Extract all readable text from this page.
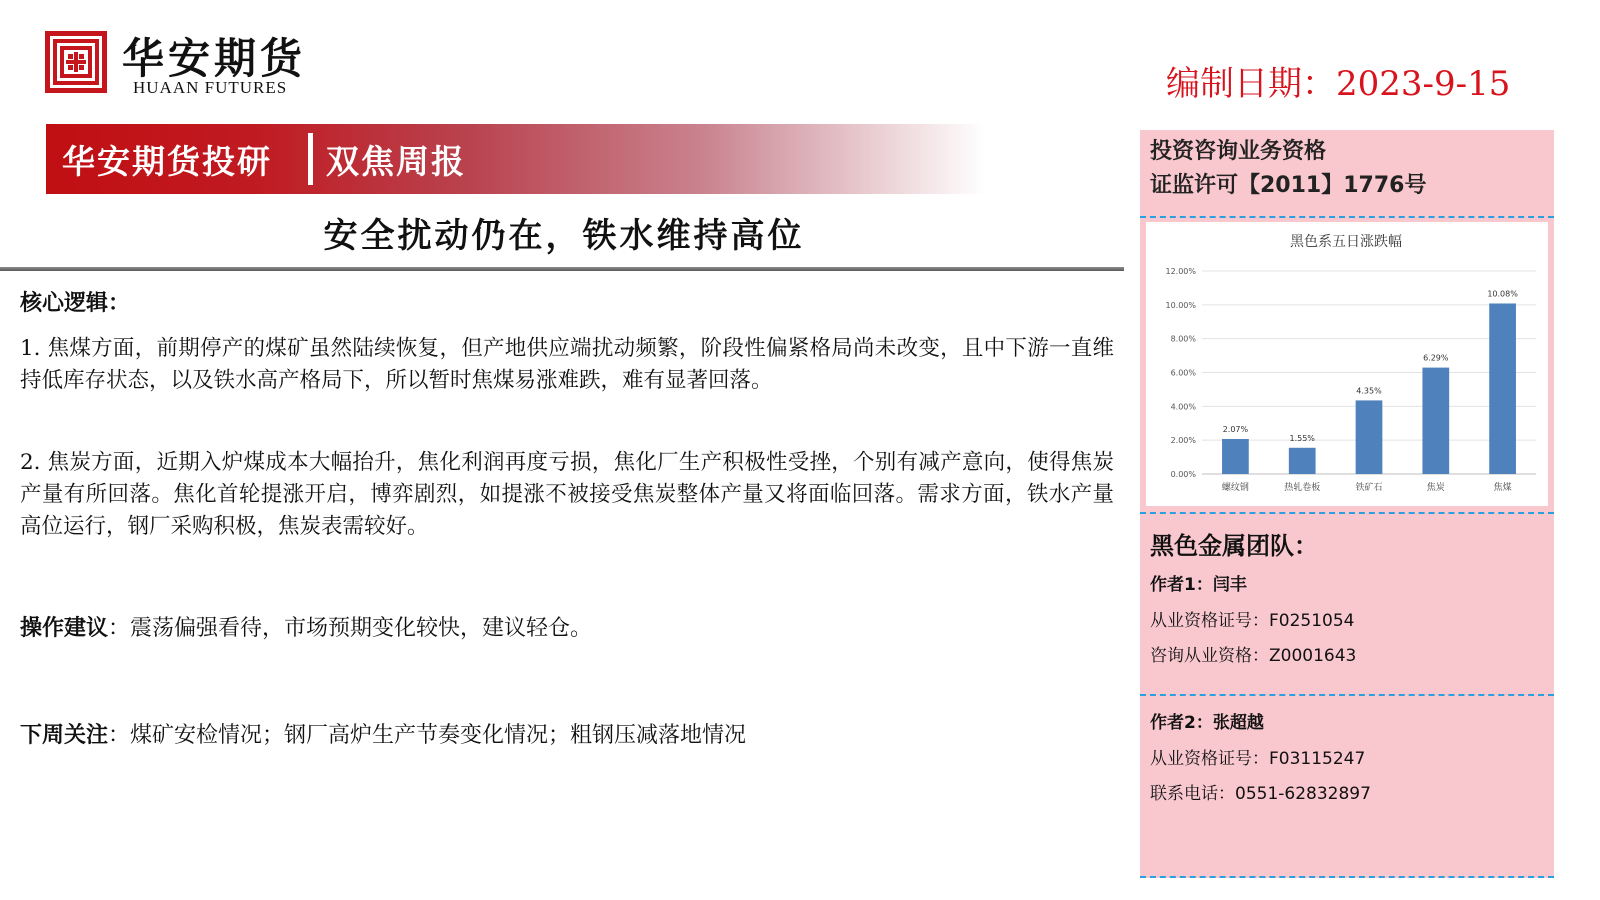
华安期货
HUAAN FUTURES	编制日期：2023-9-15
华安期货投研 双焦周报
安全扰动仍在，铁水维持高位
核心逻辑：
1. 焦煤方面，前期停产的煤矿虽然陆续恢复，但产地供应端扰动频繁，阶段性偏紧格局尚未改变，且中下游一直维持低库存状态，以及铁水高产格局下，所以暂时焦煤易涨难跌，难有显著回落。
2. 焦炭方面，近期入炉煤成本大幅抬升，焦化利润再度亏损，焦化厂生产积极性受挫，个别有减产意向，使得焦炭产量有所回落。焦化首轮提涨开启，博弈剧烈，如提涨不被接受焦炭整体产量又将面临回落。需求方面，铁水产量高位运行，钢厂采购积极，焦炭表需较好。
操作建议：震荡偏强看待，市场预期变化较快，建议轻仓。
下周关注：煤矿安检情况；钢厂高炉生产节奏变化情况；粗钢压减落地情况
投资咨询业务资格
证监许可【2011】1776号
黑色系五日涨跌幅
0.00%
2.00%
4.00%
6.00%
8.00%
10.00%
12.00%
2.07%
螺纹钢
1.55%
热轧卷板
4.35%
铁矿石
6.29%
焦炭
10.08%
焦煤
黑色金属团队：
作者1：闫丰
从业资格证号：F0251054
咨询从业资格：Z0001643
作者2：张超越
从业资格证号：F03115247
联系电话：0551-62832897
